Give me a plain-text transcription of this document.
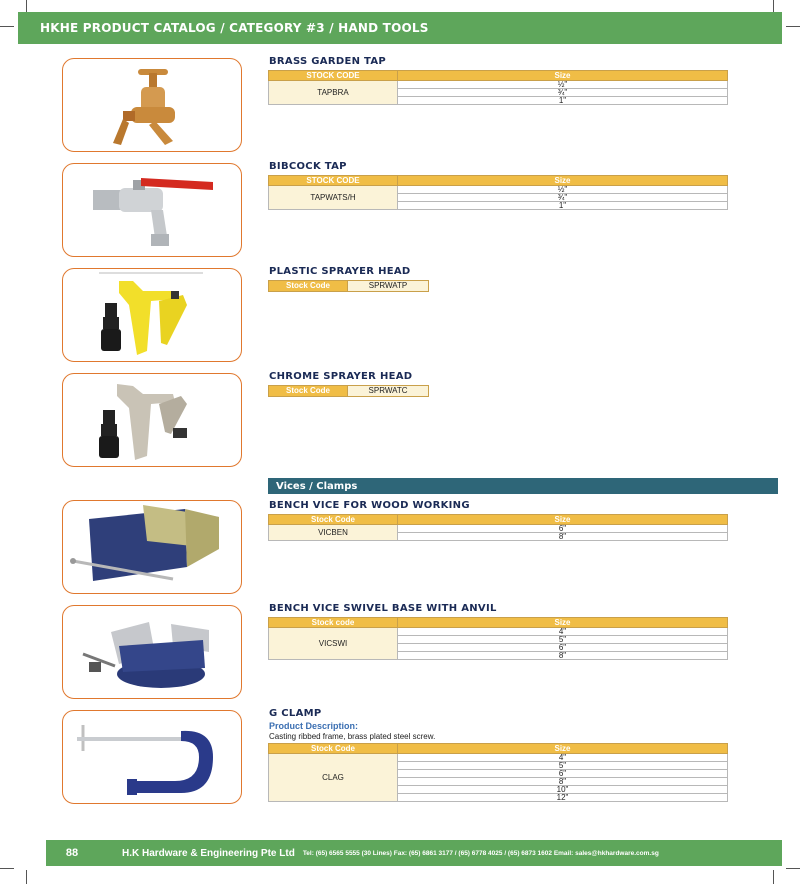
HKHE PRODUCT CATALOG / CATEGORY #3 / HAND TOOLS
BRASS GARDEN TAP
STOCK CODE	Size
TAPBRA	½"
	¾"
	1"
BIBCOCK TAP
STOCK CODE	Size
TAPWATS/H	½"
	¾"
	1"
PLASTIC SPRAYER HEAD
Stock Code	SPRWATP
CHROME SPRAYER HEAD
Stock Code	SPRWATC
Vices / Clamps
BENCH VICE FOR WOOD WORKING
Stock Code	Size
VICBEN	6"
	8"
BENCH VICE SWIVEL BASE WITH ANVIL
Stock code	Size
VICSWI	4"
	5"
	6"
	8"
G CLAMP
Product Description:
Casting ribbed frame, brass plated steel screw.
Stock Code	Size
CLAG	4"
	5"
	6"
	8"
	10"
	12"
88	H.K Hardware & Engineering Pte Ltd Tel: (65) 6565 5555 (30 Lines) Fax: (65) 6861 3177 / (65) 6778 4025 / (65) 6873 1602 Email: sales@hkhardware.com.sg
